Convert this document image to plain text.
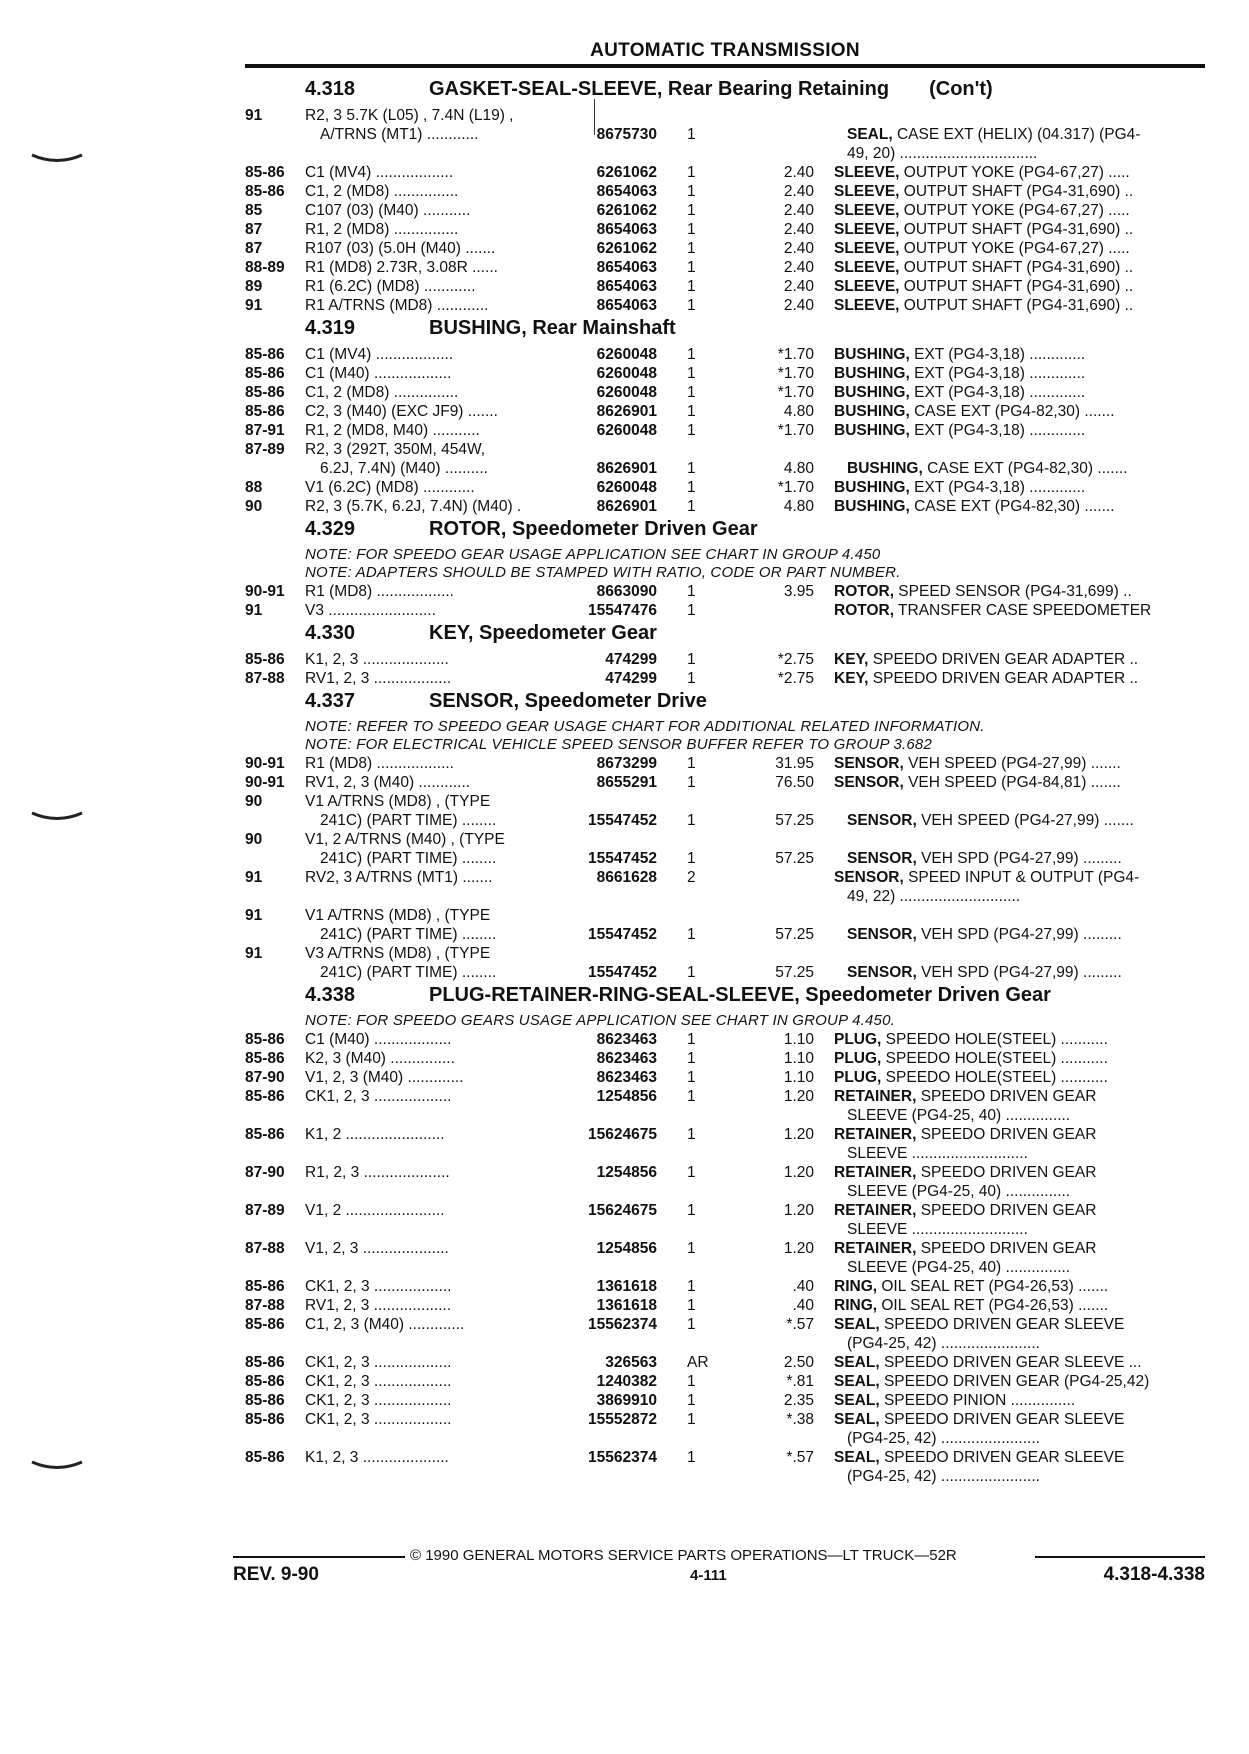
AUTOMATIC TRANSMISSION
4.318	GASKET-SEAL-SLEEVE, Rear Bearing Retaining (Con't)
91	R2, 3 5.7K (L05) , 7.4N (L19) ,
A/TRNS (MT1) ............	8675730 1	SEAL, CASE EXT (HELIX) (04.317) (PG4-
49, 20) ................................
85-86 C1 (MV4) ..................	6261062 1	2.40 SLEEVE, OUTPUT YOKE (PG4-67,27) .....
85-86 C1, 2 (MD8) ...............	8654063 1	2.40 SLEEVE, OUTPUT SHAFT (PG4-31,690) ..
85	C107 (03) (M40) ...........	6261062 1	2.40 SLEEVE, OUTPUT YOKE (PG4-67,27) .....
87	R1, 2 (MD8) ...............	8654063 1	2.40 SLEEVE, OUTPUT SHAFT (PG4-31,690) ..
87	R107 (03) (5.0H (M40) .......	6261062 1	2.40 SLEEVE, OUTPUT YOKE (PG4-67,27) .....
88-89 R1 (MD8) 2.73R, 3.08R ......	8654063 1	2.40 SLEEVE, OUTPUT SHAFT (PG4-31,690) ..
89	R1 (6.2C) (MD8) ............	8654063 1	2.40 SLEEVE, OUTPUT SHAFT (PG4-31,690) ..
91	R1 A/TRNS (MD8) ............	8654063 1	2.40 SLEEVE, OUTPUT SHAFT (PG4-31,690) ..
4.319	BUSHING, Rear Mainshaft
85-86 C1 (MV4) ..................	6260048 1	*1.70 BUSHING, EXT (PG4-3,18) .............
85-86 C1 (M40) ..................	6260048 1	*1.70 BUSHING, EXT (PG4-3,18) .............
85-86 C1, 2 (MD8) ...............	6260048 1	*1.70 BUSHING, EXT (PG4-3,18) .............
85-86 C2, 3 (M40) (EXC JF9) .......	8626901 1	4.80 BUSHING, CASE EXT (PG4-82,30) .......
87-91 R1, 2 (MD8, M40) ...........	6260048 1	*1.70 BUSHING, EXT (PG4-3,18) .............
87-89 R2, 3 (292T, 350M, 454W,
6.2J, 7.4N) (M40) ..........	8626901 1	4.80 BUSHING, CASE EXT (PG4-82,30) .......
88	V1 (6.2C) (MD8) ............	6260048 1	*1.70 BUSHING, EXT (PG4-3,18) .............
90	R2, 3 (5.7K, 6.2J, 7.4N) (M40) .	8626901 1	4.80 BUSHING, CASE EXT (PG4-82,30) .......
4.329	ROTOR, Speedometer Driven Gear
NOTE: FOR SPEEDO GEAR USAGE APPLICATION SEE CHART IN GROUP 4.450
NOTE: ADAPTERS SHOULD BE STAMPED WITH RATIO, CODE OR PART NUMBER.
90-91 R1 (MD8) ..................	8663090 1	3.95 ROTOR, SPEED SENSOR (PG4-31,699) ..
91	V3 .........................	15547476 1	ROTOR, TRANSFER CASE SPEEDOMETER
4.330	KEY, Speedometer Gear
85-86 K1, 2, 3 ....................	474299 1	*2.75 KEY, SPEEDO DRIVEN GEAR ADAPTER ..
87-88 RV1, 2, 3 ..................	474299 1	*2.75 KEY, SPEEDO DRIVEN GEAR ADAPTER ..
4.337	SENSOR, Speedometer Drive
NOTE: REFER TO SPEEDO GEAR USAGE CHART FOR ADDITIONAL RELATED INFORMATION.
NOTE: FOR ELECTRICAL VEHICLE SPEED SENSOR BUFFER REFER TO GROUP 3.682
90-91 R1 (MD8) ..................	8673299 1	31.95 SENSOR, VEH SPEED (PG4-27,99) .......
90-91 RV1, 2, 3 (M40) ............	8655291 1	76.50 SENSOR, VEH SPEED (PG4-84,81) .......
90	V1 A/TRNS (MD8) , (TYPE
241C) (PART TIME) ........	15547452 1	57.25 SENSOR, VEH SPEED (PG4-27,99) .......
90	V1, 2 A/TRNS (M40) , (TYPE
241C) (PART TIME) ........	15547452 1	57.25 SENSOR, VEH SPD (PG4-27,99) .........
91	RV2, 3 A/TRNS (MT1) .......	8661628 2	SENSOR, SPEED INPUT & OUTPUT (PG4-
49, 22) ............................
91	V1 A/TRNS (MD8) , (TYPE
241C) (PART TIME) ........	15547452 1	57.25 SENSOR, VEH SPD (PG4-27,99) .........
91	V3 A/TRNS (MD8) , (TYPE
241C) (PART TIME) ........	15547452 1	57.25 SENSOR, VEH SPD (PG4-27,99) .........
4.338	PLUG-RETAINER-RING-SEAL-SLEEVE, Speedometer Driven Gear
NOTE: FOR SPEEDO GEARS USAGE APPLICATION SEE CHART IN GROUP 4.450.
85-86 C1 (M40) ..................	8623463 1	1.10 PLUG, SPEEDO HOLE(STEEL) ...........
85-86 K2, 3 (M40) ...............	8623463 1	1.10 PLUG, SPEEDO HOLE(STEEL) ...........
87-90 V1, 2, 3 (M40) .............	8623463 1	1.10 PLUG, SPEEDO HOLE(STEEL) ...........
85-86 CK1, 2, 3 ..................	1254856 1	1.20 RETAINER, SPEEDO DRIVEN GEAR
SLEEVE (PG4-25, 40) ...............
85-86 K1, 2 .......................	15624675 1	1.20 RETAINER, SPEEDO DRIVEN GEAR
SLEEVE ...........................
87-90 R1, 2, 3 ....................	1254856 1	1.20 RETAINER, SPEEDO DRIVEN GEAR
SLEEVE (PG4-25, 40) ...............
87-89 V1, 2 .......................	15624675 1	1.20 RETAINER, SPEEDO DRIVEN GEAR
SLEEVE ...........................
87-88 V1, 2, 3 ....................	1254856 1	1.20 RETAINER, SPEEDO DRIVEN GEAR
SLEEVE (PG4-25, 40) ...............
85-86 CK1, 2, 3 ..................	1361618 1	.40 RING, OIL SEAL RET (PG4-26,53) .......
87-88 RV1, 2, 3 ..................	1361618 1	.40 RING, OIL SEAL RET (PG4-26,53) .......
85-86 C1, 2, 3 (M40) .............	15562374 1	*.57 SEAL, SPEEDO DRIVEN GEAR SLEEVE
(PG4-25, 42) .......................
85-86 CK1, 2, 3 ..................	326563 AR	2.50 SEAL, SPEEDO DRIVEN GEAR SLEEVE ...
85-86 CK1, 2, 3 ..................	1240382 1	*.81 SEAL, SPEEDO DRIVEN GEAR (PG4-25,42)
85-86 CK1, 2, 3 ..................	3869910 1	2.35 SEAL, SPEEDO PINION ...............
85-86 CK1, 2, 3 ..................	15552872 1	*.38 SEAL, SPEEDO DRIVEN GEAR SLEEVE
(PG4-25, 42) .......................
85-86 K1, 2, 3 ....................	15562374 1	*.57 SEAL, SPEEDO DRIVEN GEAR SLEEVE
(PG4-25, 42) .......................
© 1990 GENERAL MOTORS SERVICE PARTS OPERATIONS—LT TRUCK—52R
REV. 9-90	4-111	4.318-4.338
